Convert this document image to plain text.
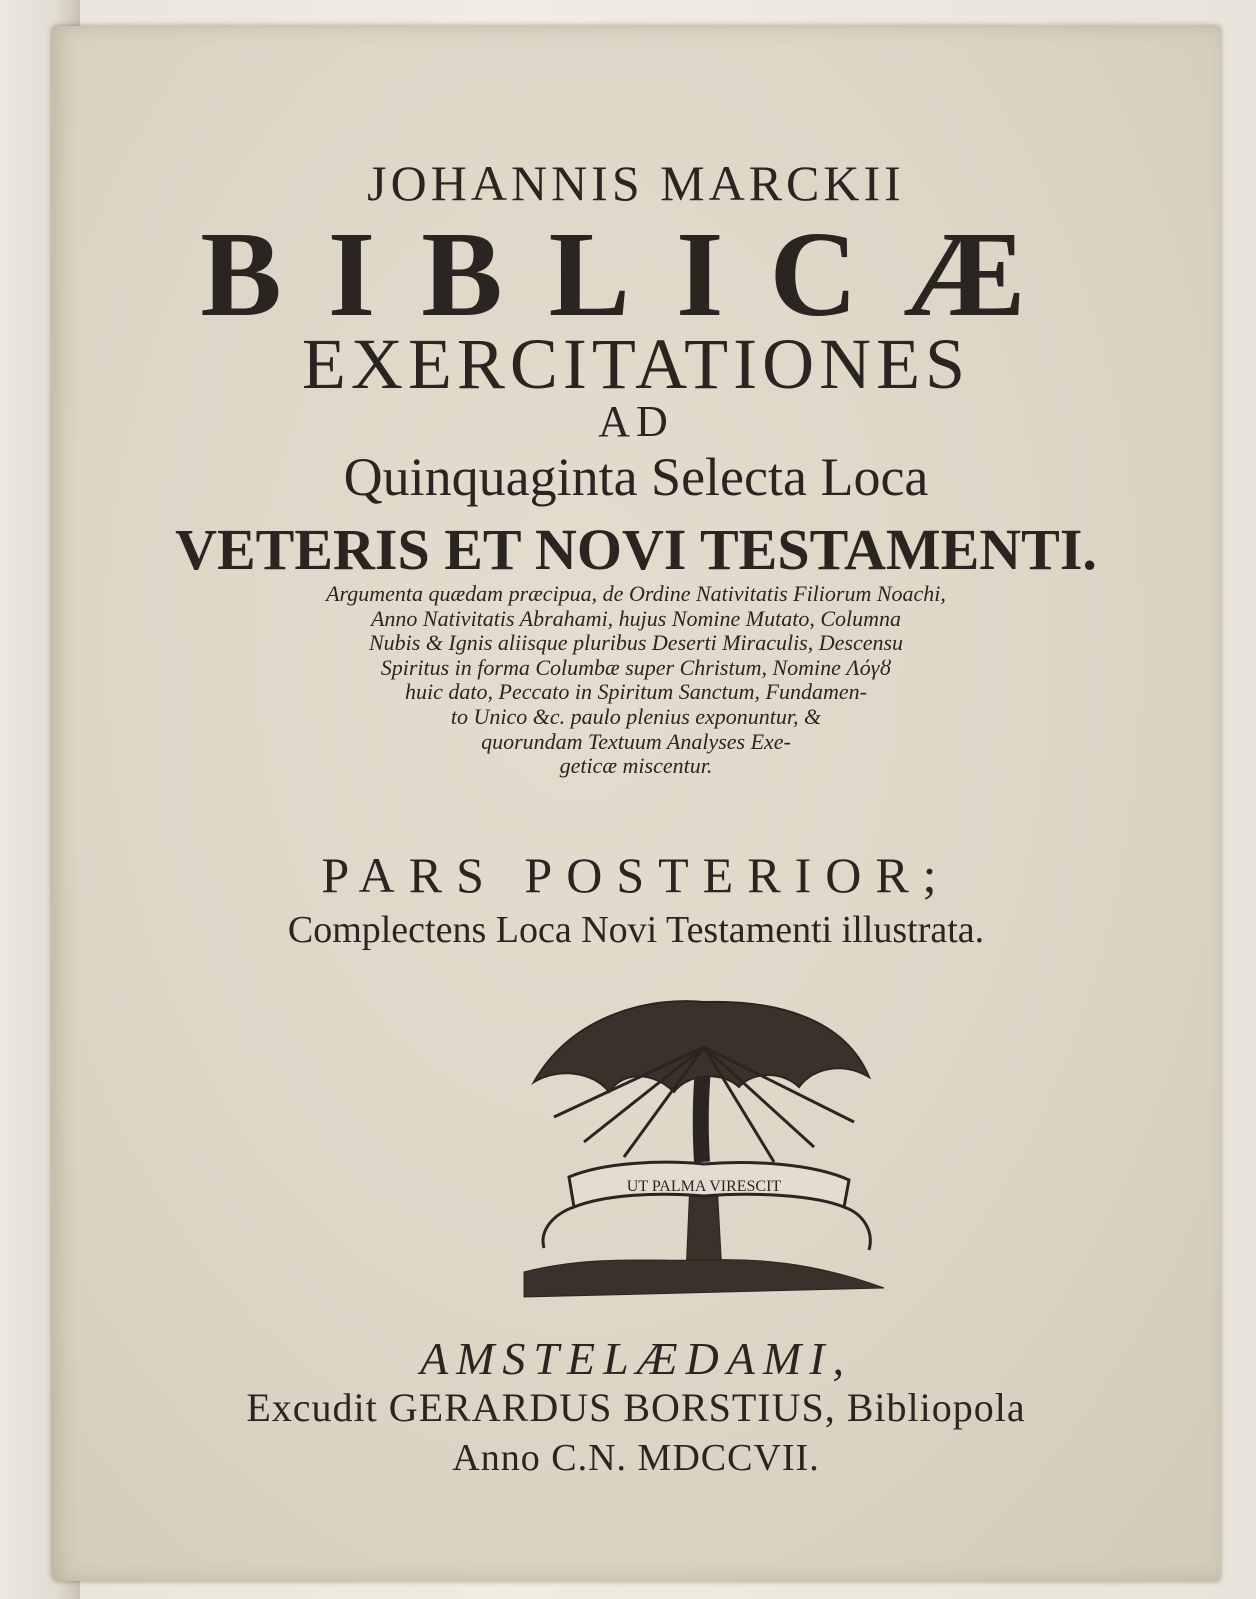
JOHANNIS MARCKII
BIBLICÆ
EXERCITATIONES
AD
Quinquaginta Selecta Loca
VETERIS ET NOVI TESTAMENTI.
Argumenta quædam præcipua, de Ordine Nativitatis Filiorum Noachi,
Anno Nativitatis Abrahami, hujus Nomine Mutato, Columna
Nubis & Ignis aliisque pluribus Deserti Miraculis, Descensu
Spiritus in forma Columbæ super Christum, Nomine Λόγȣ
huic dato, Peccato in Spiritum Sanctum, Fundamen-
to Unico &c. paulo plenius exponuntur, &
quorundam Textuum Analyses Exe-
geticæ miscentur.
PARS POSTERIOR;
Complectens Loca Novi Testamenti illustrata.
UT PALMA VIRESCIT
AMSTELÆDAMI,
Excudit GERARDUS BORSTIUS, Bibliopola
Anno C.N. MDCCVII.
